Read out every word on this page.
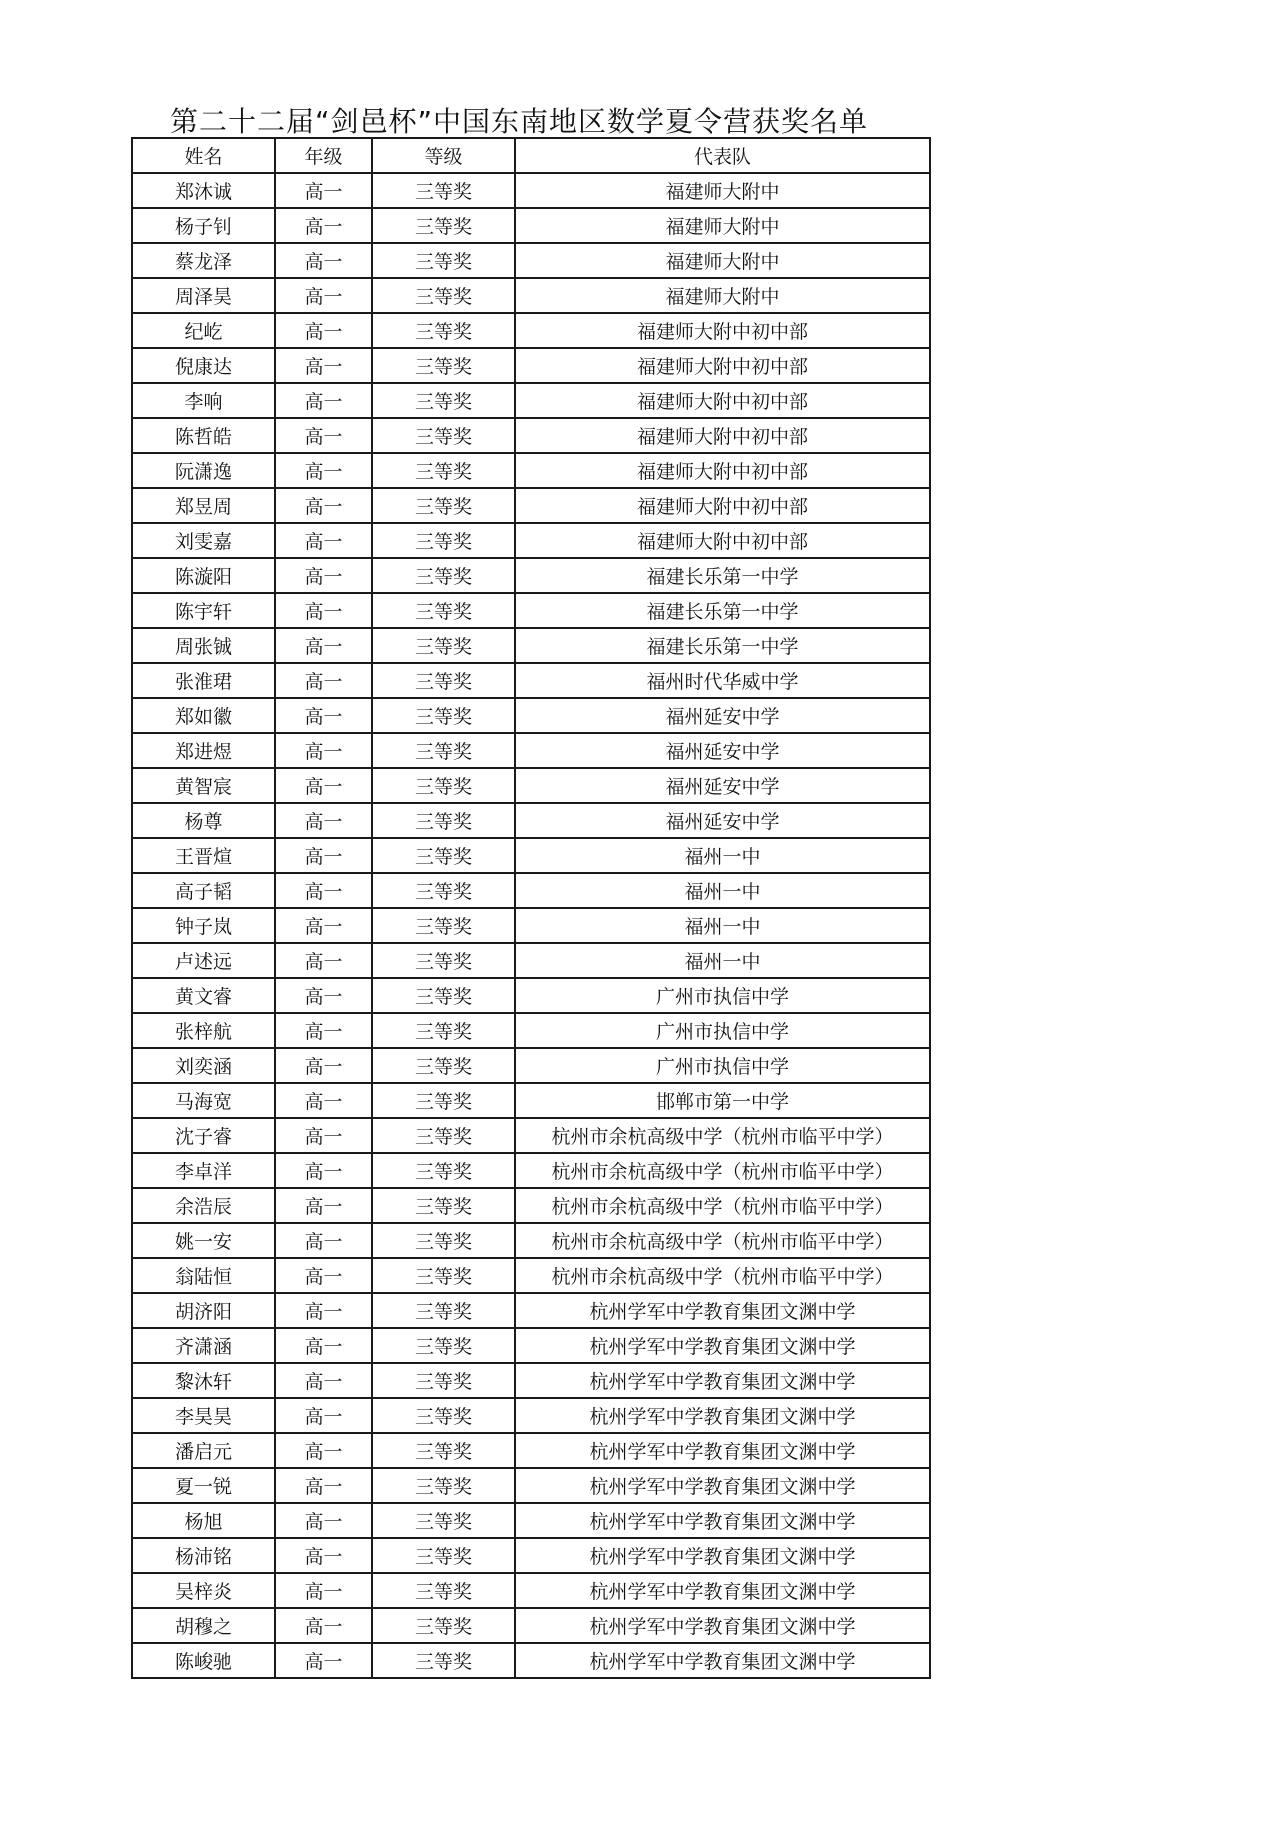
第二十二届“剑邑杯”中国东南地区数学夏令营获奖名单
姓名	年级	等级	代表队
郑沐诚	高一	三等奖	福建师大附中
杨子钊	高一	三等奖	福建师大附中
蔡龙泽	高一	三等奖	福建师大附中
周泽昊	高一	三等奖	福建师大附中
纪屹	高一	三等奖	福建师大附中初中部
倪康达	高一	三等奖	福建师大附中初中部
李响	高一	三等奖	福建师大附中初中部
陈哲皓	高一	三等奖	福建师大附中初中部
阮潇逸	高一	三等奖	福建师大附中初中部
郑昱周	高一	三等奖	福建师大附中初中部
刘雯嘉	高一	三等奖	福建师大附中初中部
陈漩阳	高一	三等奖	福建长乐第一中学
陈宇轩	高一	三等奖	福建长乐第一中学
周张铖	高一	三等奖	福建长乐第一中学
张淮珺	高一	三等奖	福州时代华威中学
郑如徽	高一	三等奖	福州延安中学
郑进煜	高一	三等奖	福州延安中学
黄智宸	高一	三等奖	福州延安中学
杨尊	高一	三等奖	福州延安中学
王晋煊	高一	三等奖	福州一中
高子韬	高一	三等奖	福州一中
钟子岚	高一	三等奖	福州一中
卢述远	高一	三等奖	福州一中
黄文睿	高一	三等奖	广州市执信中学
张梓航	高一	三等奖	广州市执信中学
刘奕涵	高一	三等奖	广州市执信中学
马海宽	高一	三等奖	邯郸市第一中学
沈子睿	高一	三等奖	杭州市余杭高级中学（杭州市临平中学）
李卓洋	高一	三等奖	杭州市余杭高级中学（杭州市临平中学）
余浩辰	高一	三等奖	杭州市余杭高级中学（杭州市临平中学）
姚一安	高一	三等奖	杭州市余杭高级中学（杭州市临平中学）
翁陆恒	高一	三等奖	杭州市余杭高级中学（杭州市临平中学）
胡济阳	高一	三等奖	杭州学军中学教育集团文渊中学
齐潇涵	高一	三等奖	杭州学军中学教育集团文渊中学
黎沐轩	高一	三等奖	杭州学军中学教育集团文渊中学
李昊昊	高一	三等奖	杭州学军中学教育集团文渊中学
潘启元	高一	三等奖	杭州学军中学教育集团文渊中学
夏一锐	高一	三等奖	杭州学军中学教育集团文渊中学
杨旭	高一	三等奖	杭州学军中学教育集团文渊中学
杨沛铭	高一	三等奖	杭州学军中学教育集团文渊中学
吴梓炎	高一	三等奖	杭州学军中学教育集团文渊中学
胡穆之	高一	三等奖	杭州学军中学教育集团文渊中学
陈峻驰	高一	三等奖	杭州学军中学教育集团文渊中学
